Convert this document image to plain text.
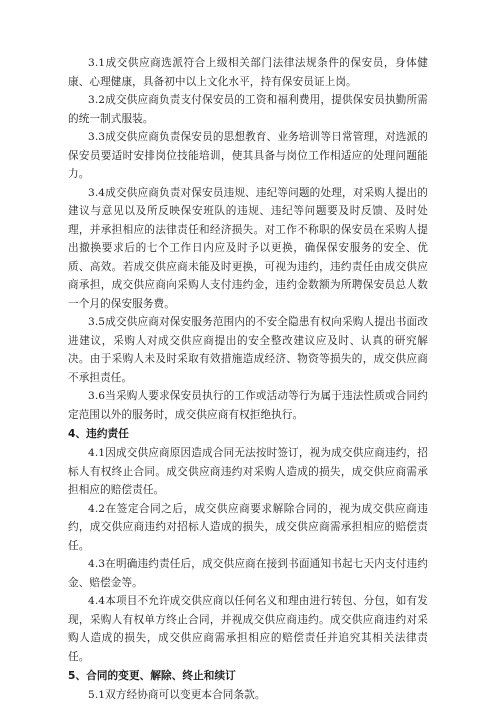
3.1成交供应商选派符合上级相关部门法律法规条件的保安员，身体健康、心理健康，具备初中以上文化水平，持有保安员证上岗。

3.2成交供应商负责支付保安员的工资和福利费用，提供保安员执勤所需的统一制式服装。

3.3成交供应商负责保安员的思想教育、业务培训等日常管理，对选派的保安员要适时安排岗位技能培训，使其具备与岗位工作相适应的处理问题能力。

3.4成交供应商负责对保安员违规、违纪等问题的处理，对采购人提出的建议与意见以及所反映保安班队的违规、违纪等问题要及时反馈、及时处理，并承担相应的法律责任和经济损失。对工作不称职的保安员在采购人提出撤换要求后的七个工作日内应及时予以更换，确保保安服务的安全、优质、高效。若成交供应商未能及时更换，可视为违约，违约责任由成交供应商承担，成交供应商向采购人支付违约金，违约金数额为所聘保安员总人数一个月的保安服务费。

3.5成交供应商对保安服务范围内的不安全隐患有权向采购人提出书面改进建议，采购人对成交供应商提出的安全整改建议应及时、认真的研究解决。由于采购人未及时采取有效措施造成经济、物资等损失的，成交供应商不承担责任。

3.6当采购人要求保安员执行的工作或活动等行为属于违法性质或合同约定范围以外的服务时，成交供应商有权拒绝执行。

4、违约责任

4.1因成交供应商原因造成合同无法按时签订，视为成交供应商违约，招标人有权终止合同。成交供应商违约对采购人造成的损失，成交供应商需承担相应的赔偿责任。

4.2在签定合同之后，成交供应商要求解除合同的，视为成交供应商违约，成交供应商违约对招标人造成的损失，成交供应商需承担相应的赔偿责任。

4.3在明确违约责任后，成交供应商在接到书面通知书起七天内支付违约金、赔偿金等。

4.4本项目不允许成交供应商以任何名义和理由进行转包、分包，如有发现，采购人有权单方终止合同，并视成交供应商违约。成交供应商违约对采购人造成的损失，成交供应商需承担相应的赔偿责任并追究其相关法律责任。

5、合同的变更、解除、终止和续订

5.1双方经协商可以变更本合同条款。
